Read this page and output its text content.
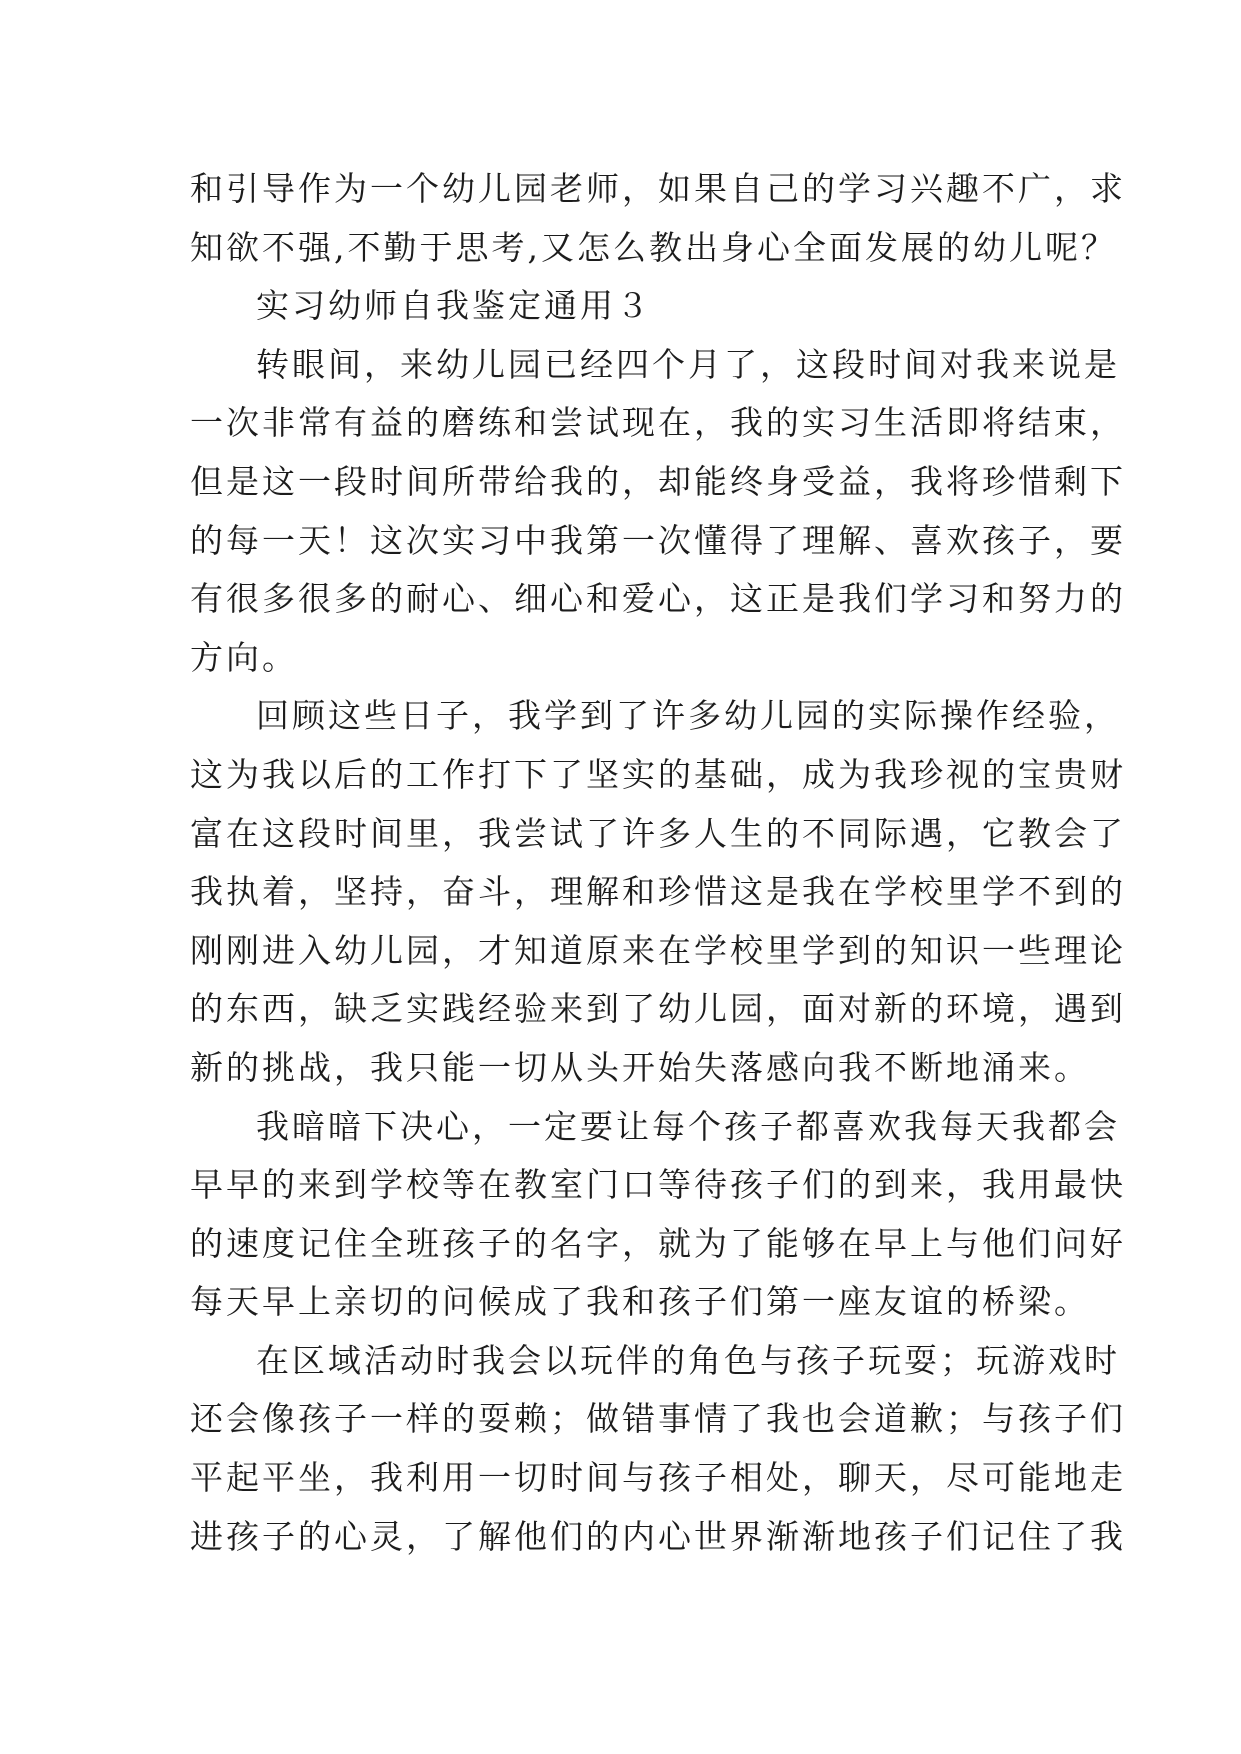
和引导作为一个幼儿园老师，如果自己的学习兴趣不广，求
知欲不强,不勤于思考,又怎么教出身心全面发展的幼儿呢？
实习幼师自我鉴定通用３
转眼间，来幼儿园已经四个月了，这段时间对我来说是
一次非常有益的磨练和尝试现在，我的实习生活即将结束，
但是这一段时间所带给我的，却能终身受益，我将珍惜剩下
的每一天！这次实习中我第一次懂得了理解、喜欢孩子，要
有很多很多的耐心、细心和爱心，这正是我们学习和努力的
方向。
回顾这些日子，我学到了许多幼儿园的实际操作经验，
这为我以后的工作打下了坚实的基础，成为我珍视的宝贵财
富在这段时间里，我尝试了许多人生的不同际遇，它教会了
我执着，坚持，奋斗，理解和珍惜这是我在学校里学不到的
刚刚进入幼儿园，才知道原来在学校里学到的知识一些理论
的东西，缺乏实践经验来到了幼儿园，面对新的环境，遇到
新的挑战，我只能一切从头开始失落感向我不断地涌来。
我暗暗下决心，一定要让每个孩子都喜欢我每天我都会
早早的来到学校等在教室门口等待孩子们的到来，我用最快
的速度记住全班孩子的名字，就为了能够在早上与他们问好
每天早上亲切的问候成了我和孩子们第一座友谊的桥梁。
在区域活动时我会以玩伴的角色与孩子玩耍；玩游戏时
还会像孩子一样的耍赖；做错事情了我也会道歉；与孩子们
平起平坐，我利用一切时间与孩子相处，聊天，尽可能地走
进孩子的心灵，了解他们的内心世界渐渐地孩子们记住了我
